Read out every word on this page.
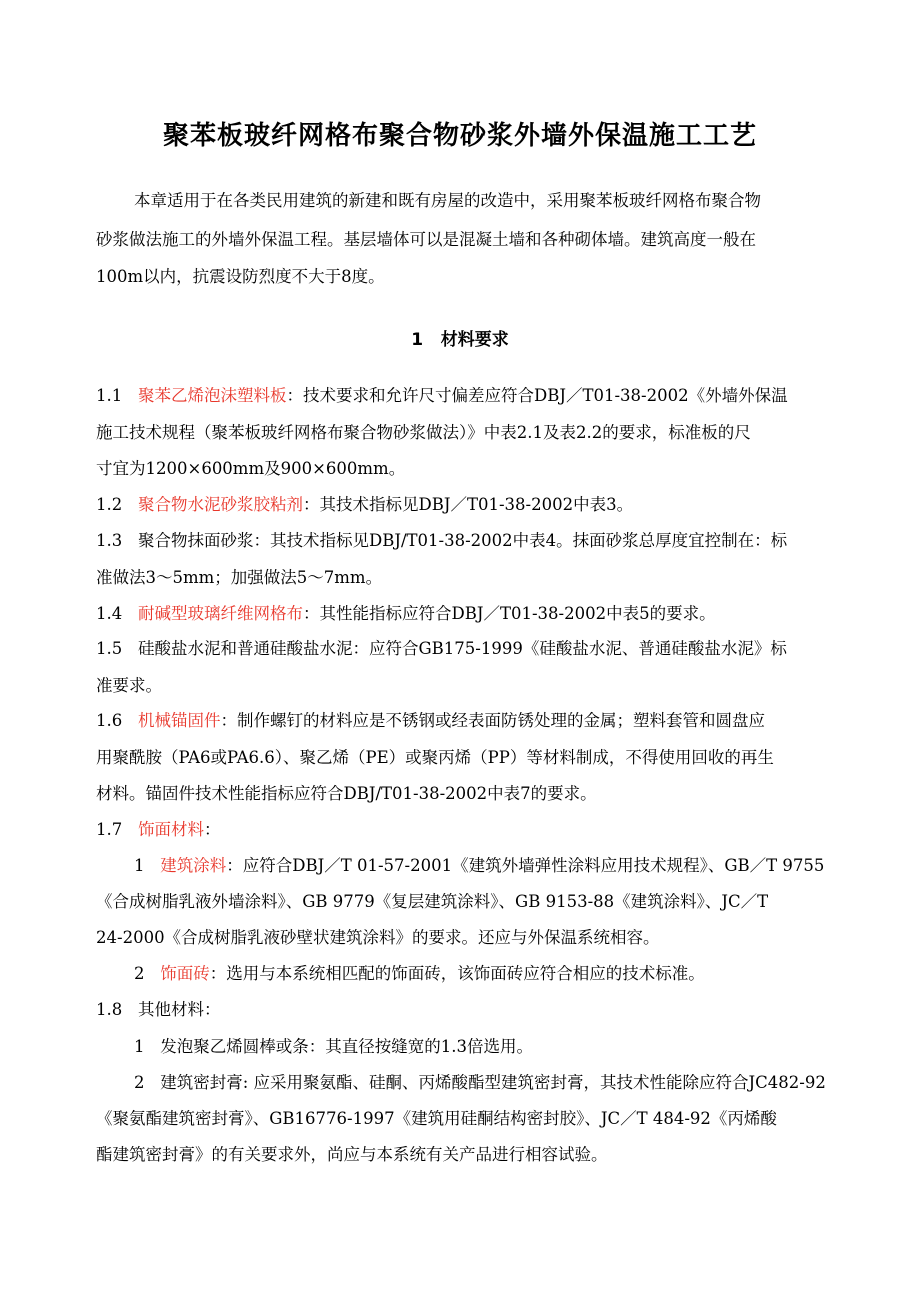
聚苯板玻纤网格布聚合物砂浆外墙外保温施工工艺
本章适用于在各类民用建筑的新建和既有房屋的改造中，采用聚苯板玻纤网格布聚合物
砂浆做法施工的外墙外保温工程。基层墙体可以是混凝土墙和各种砌体墙。建筑高度一般在
100m以内，抗震设防烈度不大于8度。
1   材料要求
1.1 聚苯乙烯泡沫塑料板：技术要求和允许尺寸偏差应符合DBJ／T01-38-2002《外墙外保温
施工技术规程（聚苯板玻纤网格布聚合物砂浆做法）》中表2.1及表2.2的要求，标准板的尺
寸宜为1200×600mm及900×600mm。
1.2 聚合物水泥砂浆胶粘剂：其技术指标见DBJ／T01-38-2002中表3。
1.3 聚合物抹面砂浆：其技术指标见DBJ/T01-38-2002中表4。抹面砂浆总厚度宜控制在：标
准做法3～5mm；加强做法5～7mm。
1.4 耐碱型玻璃纤维网格布：其性能指标应符合DBJ／T01-38-2002中表5的要求。
1.5 硅酸盐水泥和普通硅酸盐水泥：应符合GB175-1999《硅酸盐水泥、普通硅酸盐水泥》标
准要求。
1.6 机械锚固件：制作螺钉的材料应是不锈钢或经表面防锈处理的金属；塑料套管和圆盘应
用聚酰胺（PA6或PA6.6）、聚乙烯（PE）或聚丙烯（PP）等材料制成，不得使用回收的再生
材料。锚固件技术性能指标应符合DBJ/T01-38-2002中表7的要求。
1.7 饰面材料：
1 建筑涂料：应符合DBJ／T 01-57-2001《建筑外墙弹性涂料应用技术规程》、GB／T 9755
《合成树脂乳液外墙涂料》、GB 9779《复层建筑涂料》、GB 9153-88《建筑涂料》、JC／T
24-2000《合成树脂乳液砂壁状建筑涂料》的要求。还应与外保温系统相容。
2 饰面砖：选用与本系统相匹配的饰面砖，该饰面砖应符合相应的技术标准。
1.8 其他材料：
1 发泡聚乙烯圆棒或条：其直径按缝宽的1.3倍选用。
2 建筑密封膏: 应采用聚氨酯、硅酮、丙烯酸酯型建筑密封膏，其技术性能除应符合JC482-92
《聚氨酯建筑密封膏》、GB16776-1997《建筑用硅酮结构密封胶》、JC／T 484-92《丙烯酸
酯建筑密封膏》的有关要求外，尚应与本系统有关产品进行相容试验。
